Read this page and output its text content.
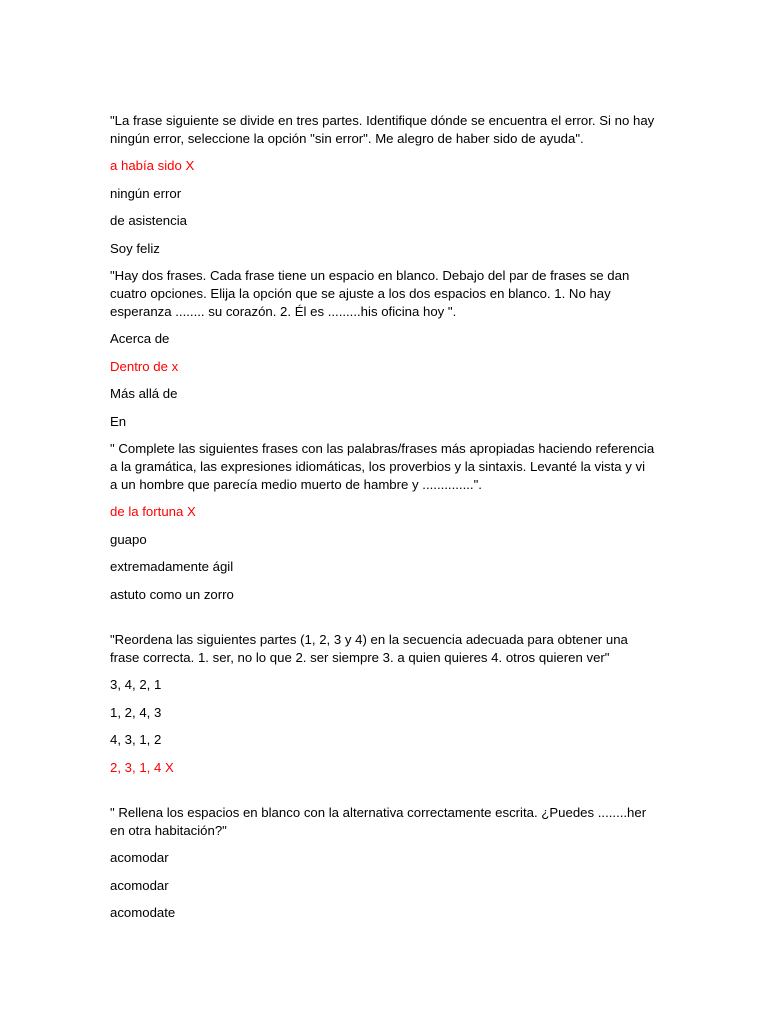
"La frase siguiente se divide en tres partes. Identifique dónde se encuentra el error. Si no hay ningún error, seleccione la opción "sin error". Me alegro de haber sido de ayuda".

a había sido X

ningún error

de asistencia

Soy feliz

"Hay dos frases. Cada frase tiene un espacio en blanco. Debajo del par de frases se dan cuatro opciones. Elija la opción que se ajuste a los dos espacios en blanco. 1. No hay esperanza ........ su corazón. 2. Él es .........his oficina hoy ".

Acerca de

Dentro de x

Más allá de

En

" Complete las siguientes frases con las palabras/frases más apropiadas haciendo referencia a la gramática, las expresiones idiomáticas, los proverbios y la sintaxis. Levanté la vista y vi a un hombre que parecía medio muerto de hambre y ..............".

de la fortuna X

guapo

extremadamente ágil

astuto como un zorro

"Reordena las siguientes partes (1, 2, 3 y 4) en la secuencia adecuada para obtener una frase correcta. 1. ser, no lo que 2. ser siempre 3. a quien quieres 4. otros quieren ver"

3, 4, 2, 1

1, 2, 4, 3

4, 3, 1, 2

2, 3, 1, 4 X

" Rellena los espacios en blanco con la alternativa correctamente escrita. ¿Puedes ........her en otra habitación?"

acomodar

acomodar

acomodate
